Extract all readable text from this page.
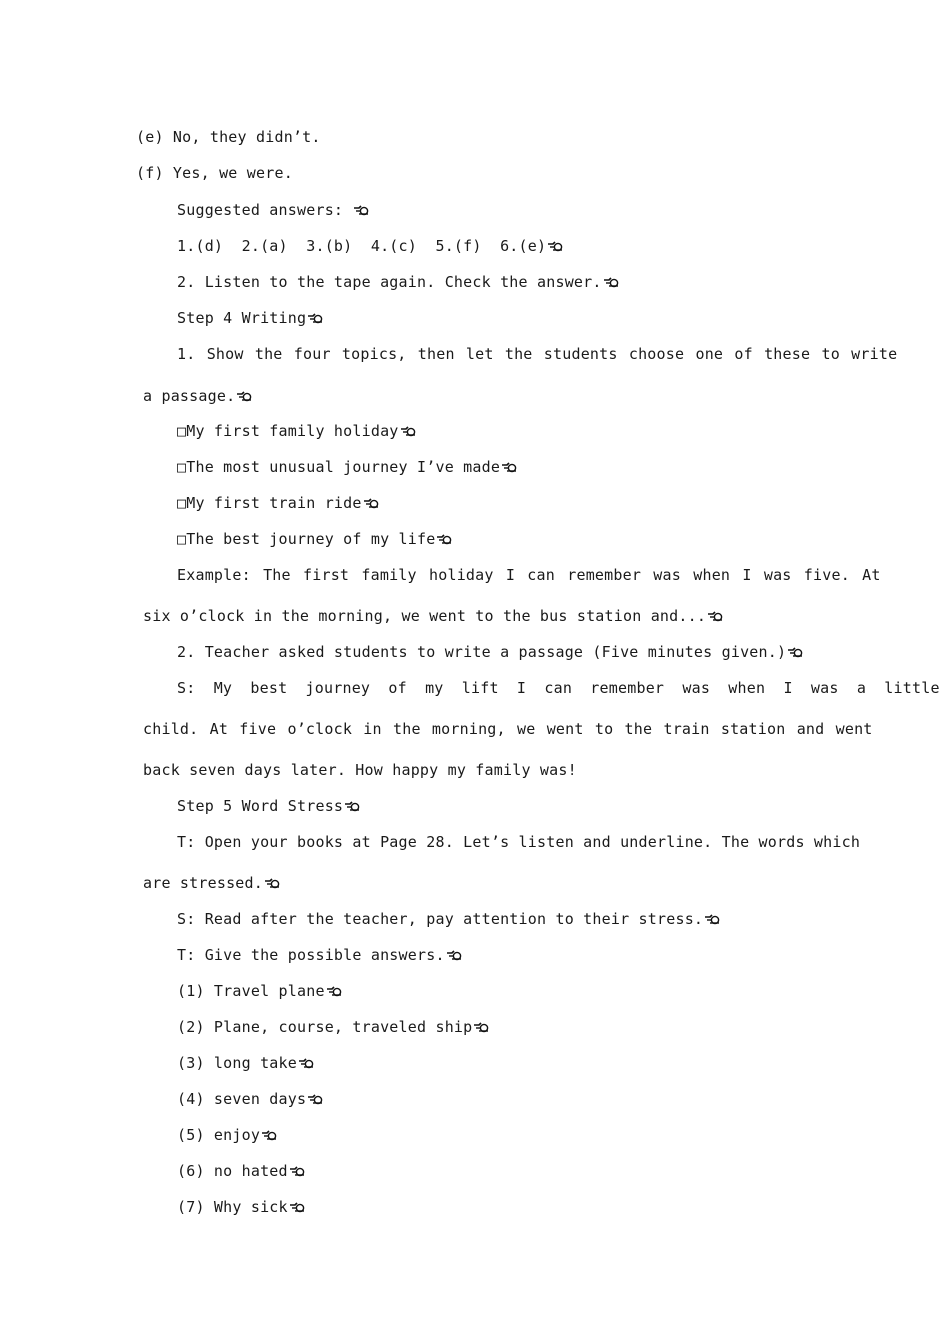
(e) No, they didn’t.
(f) Yes, we were.
Suggested answers:
1.(d)  2.(a)  3.(b)  4.(c)  5.(f)  6.(e)
2. Listen to the tape again. Check the answer.
Step 4 Writing
1. Show the four topics, then let the students choose one of these to write
a passage.
□My first family holiday
□The most unusual journey I’ve made
□My first train ride
□The best journey of my life
Example: The first family holiday I can remember was when I was five. At
six o’clock in the morning, we went to the bus station and...
2. Teacher asked students to write a passage (Five minutes given.)
S: My best journey of my lift I can remember was when I was a little
child. At five o’clock in the morning, we went to the train station and went
back seven days later. How happy my family was!
Step 5 Word Stress
T: Open your books at Page 28. Let’s listen and underline. The words which
are stressed.
S: Read after the teacher, pay attention to their stress.
T: Give the possible answers.
(1) Travel plane
(2) Plane, course, traveled ship
(3) long take
(4) seven days
(5) enjoy
(6) no hated
(7) Why sick
